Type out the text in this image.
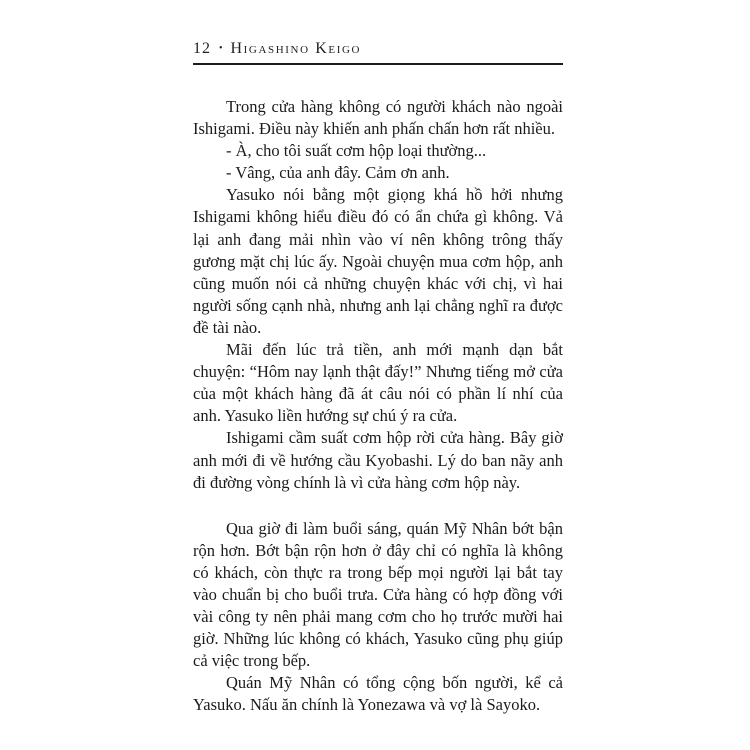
12 • Higashino Keigo

Trong cửa hàng không có người khách nào ngoài Ishigami. Điều này khiến anh phấn chấn hơn rất nhiều.

- À, cho tôi suất cơm hộp loại thường...

- Vâng, của anh đây. Cảm ơn anh.

Yasuko nói bằng một giọng khá hồ hởi nhưng Ishigami không hiểu điều đó có ẩn chứa gì không. Vả lại anh đang mải nhìn vào ví nên không trông thấy gương mặt chị lúc ấy. Ngoài chuyện mua cơm hộp, anh cũng muốn nói cả những chuyện khác với chị, vì hai người sống cạnh nhà, nhưng anh lại chẳng nghĩ ra được đề tài nào.

Mãi đến lúc trả tiền, anh mới mạnh dạn bắt chuyện: “Hôm nay lạnh thật đấy!” Nhưng tiếng mở cửa của một khách hàng đã át câu nói có phần lí nhí của anh. Yasuko liền hướng sự chú ý ra cửa.

Ishigami cầm suất cơm hộp rời cửa hàng. Bây giờ anh mới đi về hướng cầu Kyobashi. Lý do ban nãy anh đi đường vòng chính là vì cửa hàng cơm hộp này.

Qua giờ đi làm buổi sáng, quán Mỹ Nhân bớt bận rộn hơn. Bớt bận rộn hơn ở đây chỉ có nghĩa là không có khách, còn thực ra trong bếp mọi người lại bắt tay vào chuẩn bị cho buổi trưa. Cửa hàng có hợp đồng với vài công ty nên phải mang cơm cho họ trước mười hai giờ. Những lúc không có khách, Yasuko cũng phụ giúp cả việc trong bếp.

Quán Mỹ Nhân có tổng cộng bốn người, kể cả Yasuko. Nấu ăn chính là Yonezawa và vợ là Sayoko.
